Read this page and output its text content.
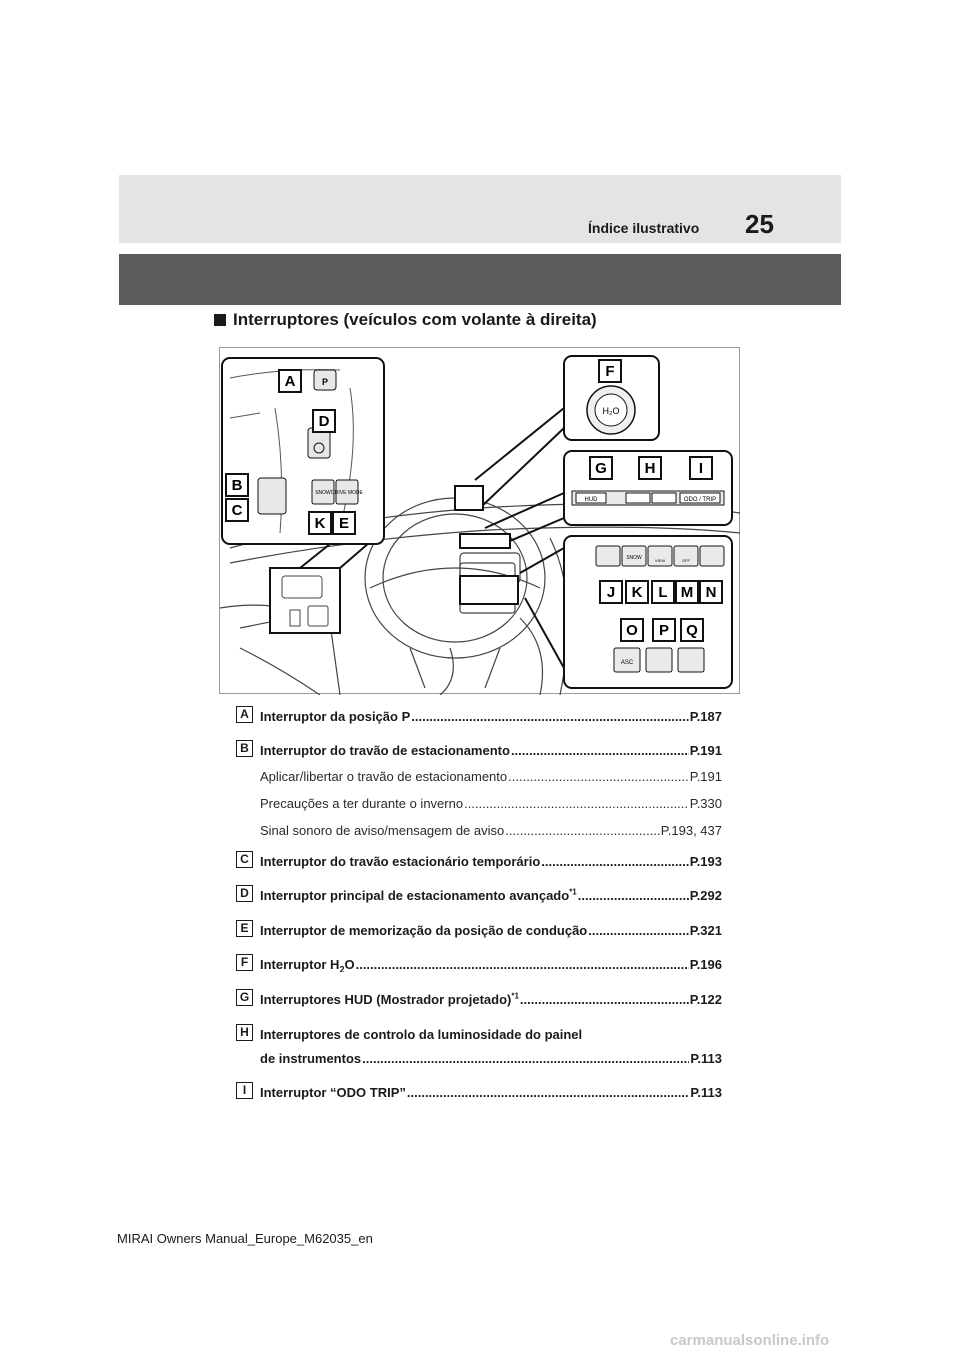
Índice ilustrativo 25
Interruptores (veículos com volante à direita)
P
SNOW DRIVE MODE
H₂O
HUD	ODO / TRIP
SNOW	VIEW	OFF
ASC
A
B
C
D
E
F
G	H	I
J
K
K L M N
O P Q
A Interruptor da posição P .....	P.187
B Interruptor do travão de estacionamento .....	P.191
Aplicar/libertar o travão de estacionamento .....	P.191
Precauções a ter durante o inverno .....	P.330
Sinal sonoro de aviso/mensagem de aviso .....	P.193, 437
C Interruptor do travão estacionário temporário .....	P.193
D Interruptor principal de estacionamento avançado$^{*1}$ .....	P.292
E Interruptor de memorização da posição de condução .....	P.321
F Interruptor $H_2O$ .....	P.196
G Interruptores HUD (Mostrador projetado)$^{*1}$ .....	P.122
H Interruptores de controlo da luminosidade do painel
de instrumentos .....	P.113
I	Interruptor “ODO TRIP” .....	P.113
MIRAI Owners Manual_Europe_M62035_en
carmanualsonline.info
